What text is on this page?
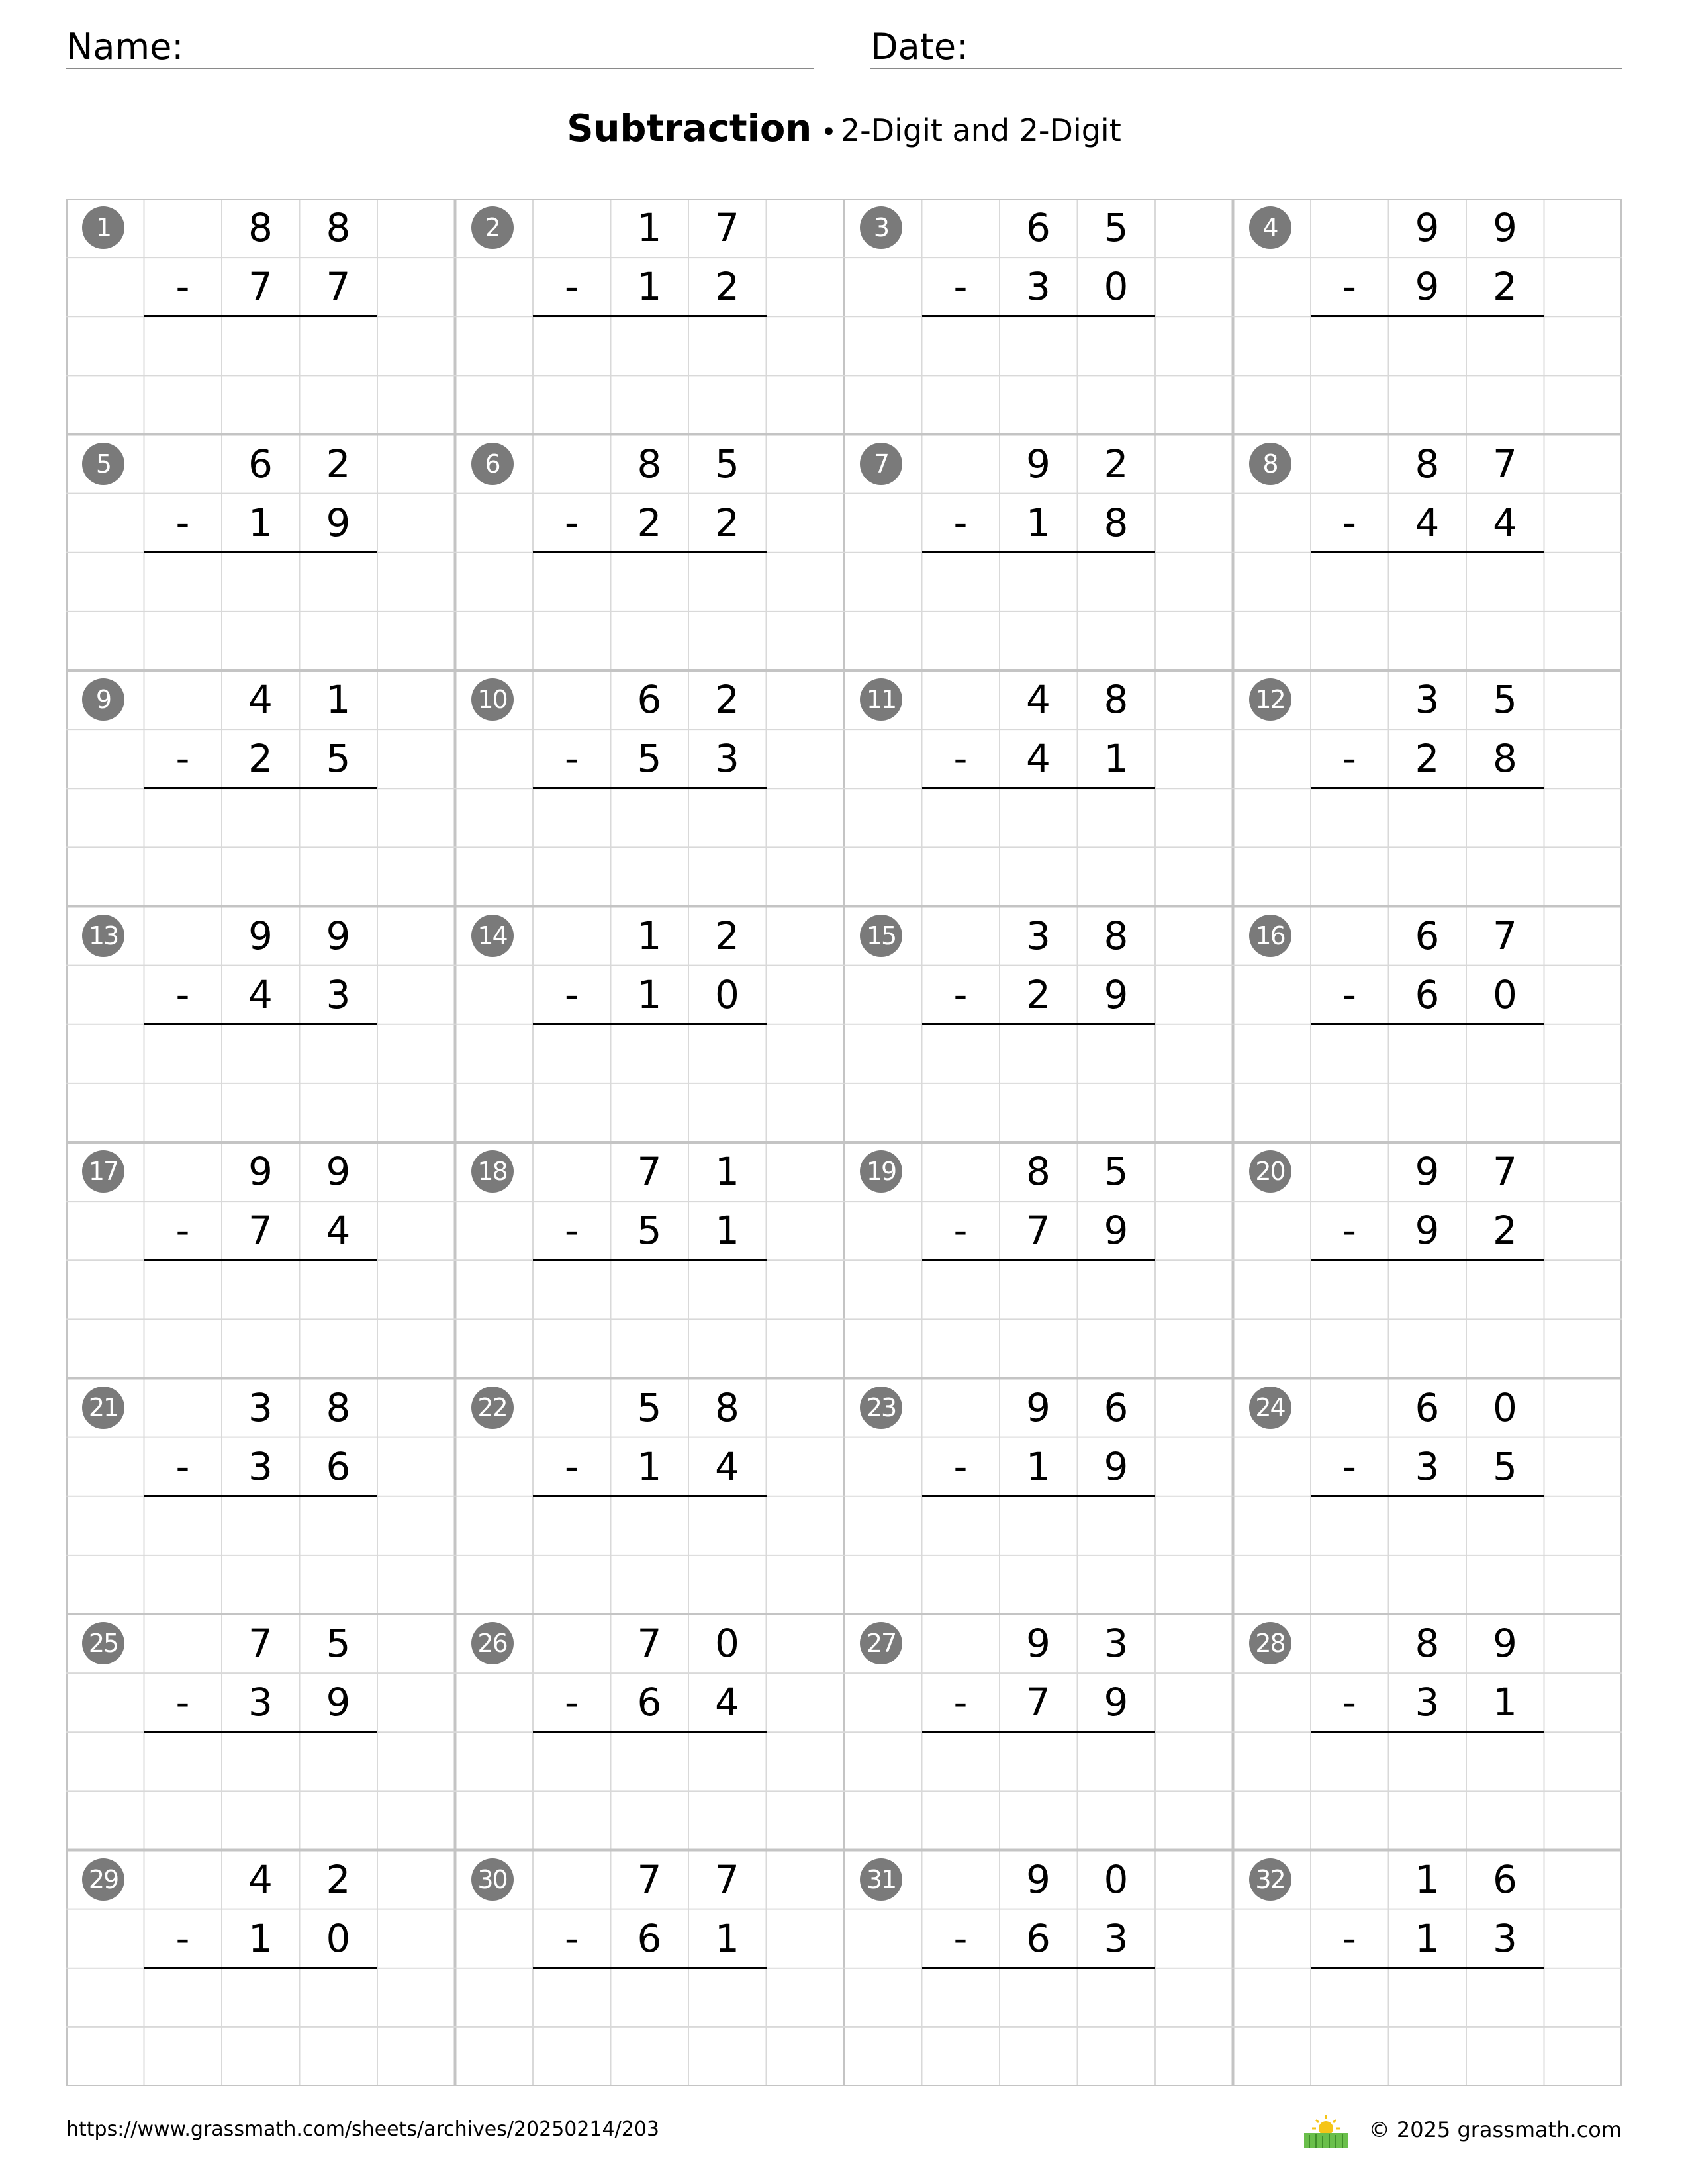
Name:	Date:
Subtraction • 2-Digit and 2-Digit
1	8	8
-	7	7
2	1	7
-	1	2
3	6	5
-	3	0
4	9	9
-	9	2
5	6	2
-	1	9
6	8	5
-	2	2
7	9	2
-	1	8
8	8	7
-	4	4
9	4	1
-	2	5
10	6	2
-	5	3
11	4	8
-	4	1
12	3	5
-	2	8
13	9	9
-	4	3
14	1	2
-	1	0
15	3	8
-	2	9
16	6	7
-	6	0
17	9	9
-	7	4
18	7	1
-	5	1
19	8	5
-	7	9
20	9	7
-	9	2
21	3	8
-	3	6
22	5	8
-	1	4
23	9	6
-	1	9
24	6	0
-	3	5
25	7	5
-	3	9
26	7	0
-	6	4
27	9	3
-	7	9
28	8	9
-	3	1
29	4	2
-	1	0
30	7	7
-	6	1
31	9	0
-	6	3
32	1	6
-	1	3
https://www.grassmath.com/sheets/archives/20250214/203	© 2025 grassmath.com
